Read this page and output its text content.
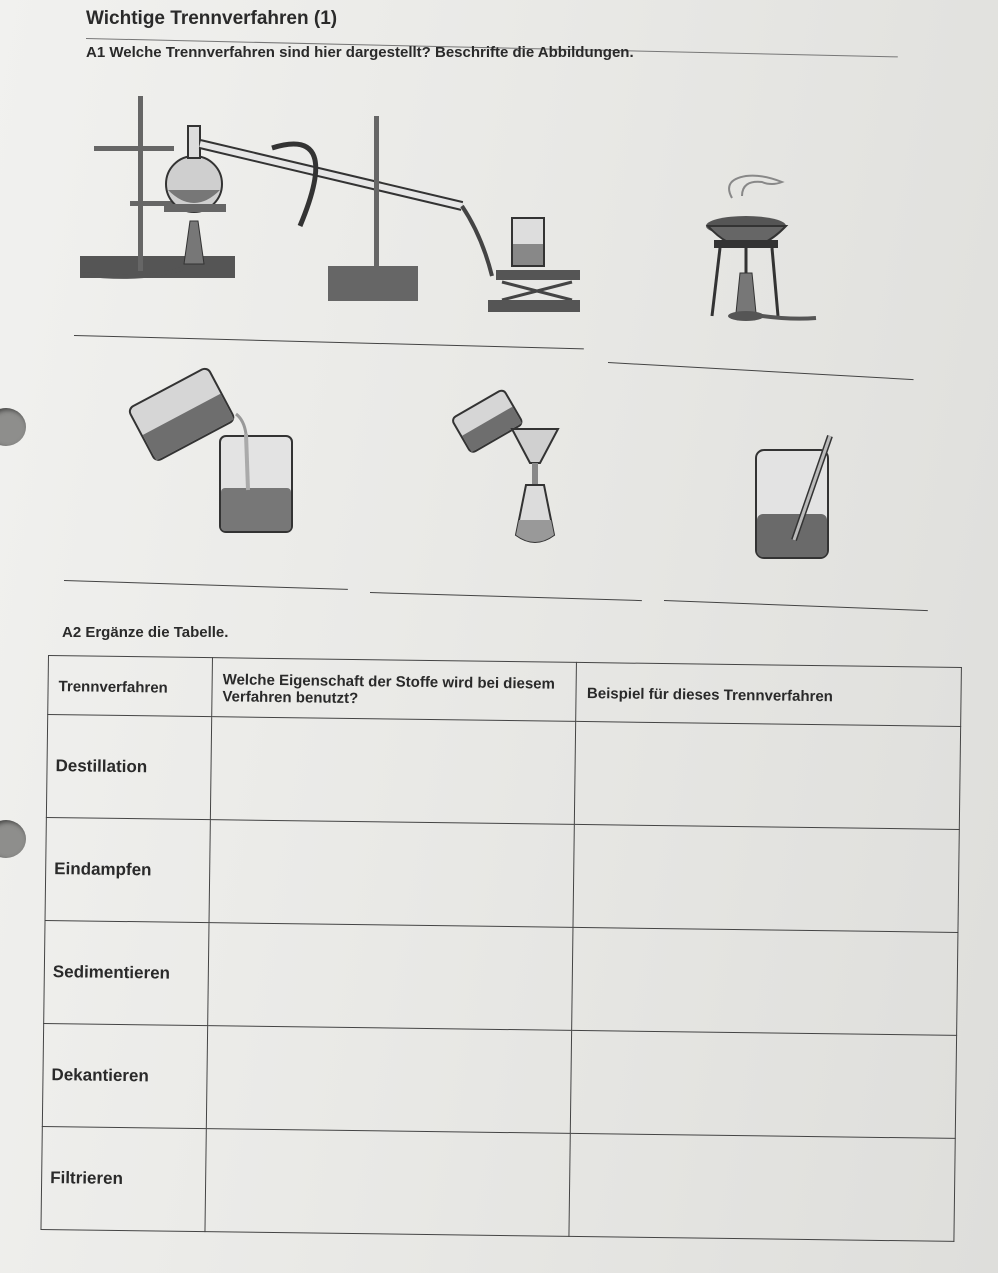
Wichtige Trennverfahren (1)
A1 Welche Trennverfahren sind hier dargestellt? Beschrifte die Abbildungen.
A2 Ergänze die Tabelle.
Trennverfahren	Welche Eigenschaft der Stoffe wird bei diesem Verfahren benutzt?	Beispiel für dieses Trennverfahren
Destillation		
Eindampfen		
Sedimentieren		
Dekantieren		
Filtrieren		
